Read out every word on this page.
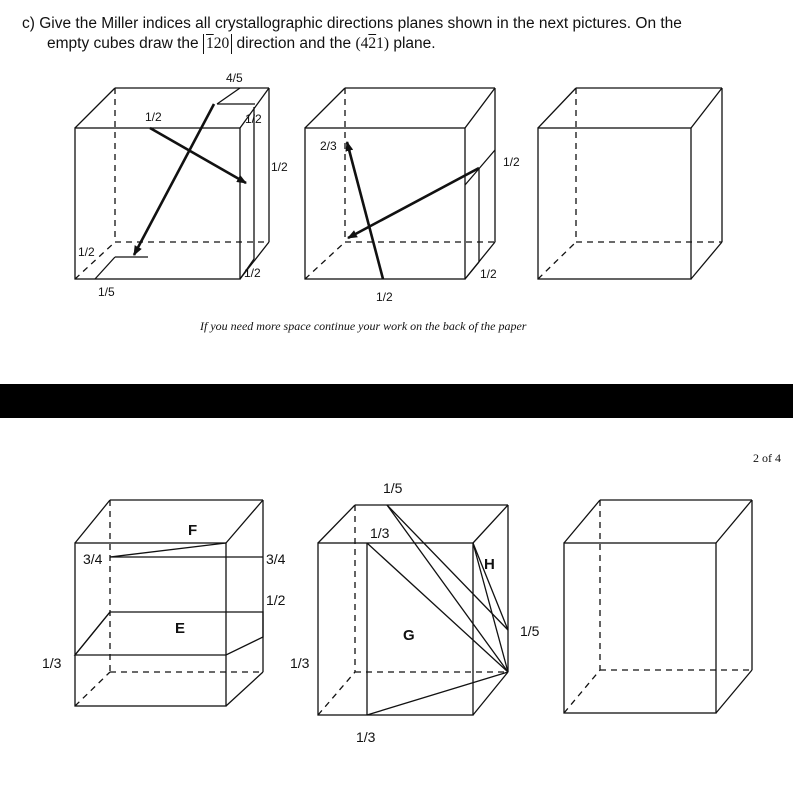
c) Give the Miller indices all crystallographic directions planes shown in the next pictures. On the

empty cubes draw the 120 direction and the (421) plane.
4/5
1/2	1/2
1/2
1/2
1/2
1/5
2/3
1/2
1/2
1/2
F
E
3/4	3/4
1/2
1/3
G
H
1/5
1/3
1/5
1/3
1/3
If you need more space continue your work on the back of the paper
2 of 4
